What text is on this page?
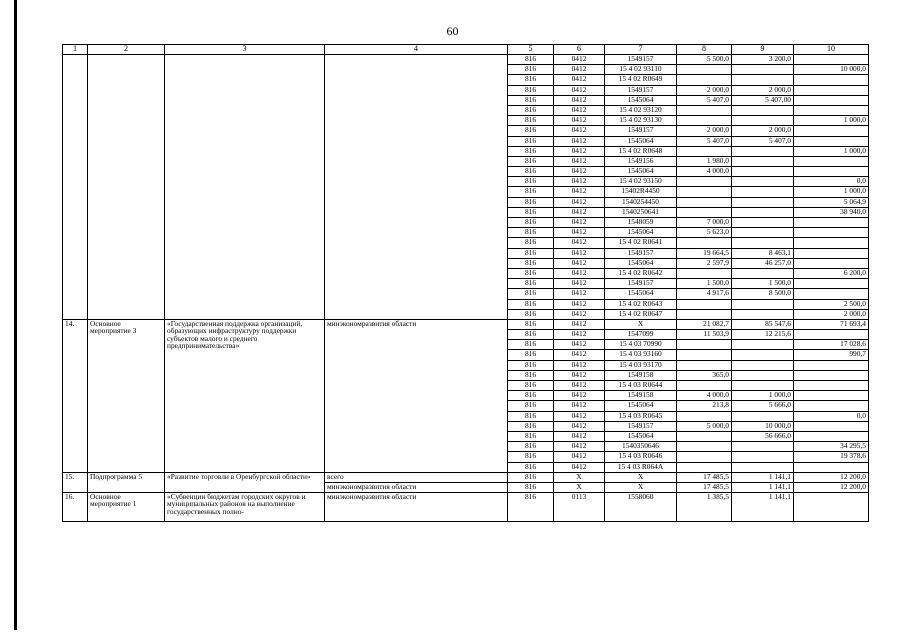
60
1	2	3	4	5	6	7	8	9	10
				816	0412	1549157	5 500,0	3 200,0	
				816	0412	15 4 02 93110			10 000,0
				816	0412	15 4 02 R0649			
				816	0412	1549157	2 000,0	2 000,0	
				816	0412	1545064	5 407,0	5 407,00	
				816	0412	15 4 02 93120			
				816	0412	15 4 02 93130			1 000,0
				816	0412	1549157	2 000,0	2 000,0	
				816	0412	1545064	5 407,0	5 407,0	
				816	0412	15 4 02 R0648			1 000,0
				816	0412	1549156	1 980,0		
				816	0412	1545064	4 000,0		
				816	0412	15 4 02 93150			0,0
				816	0412	15402R4450			1 000,0
				816	0412	1540254450			5 064,9
				816	0412	1540250641			38 940,0
				816	0412	1548059	7 000,0		
				816	0412	1545064	5 623,0		
				816	0412	15 4 02 R0641			
				816	0412	1549157	19 664,5	8 463,1	
				816	0412	1545064	2 597,9	46 257,0	
				816	0412	15 4 02 R0642			6 200,0
				816	0412	1549157	1 500,0	1 500,0	
				816	0412	1545064	4 917,6	8 500,0	
				816	0412	15 4 02 R0643			2 500,0
				816	0412	15 4 02 R0647			2 000,0
14.	Основное мероприятие 3	«Государственная поддержка организаций, образующих инфраструктуру поддержки субъектов малого и среднего предпринимательства»	минэкономразвития области	816	0412	X	21 082,7	85 547,6	71 693,4
				816	0412	1547099	11 503,9	12 215,6	
				816	0412	15 4 03 70990			17 028,6
				816	0412	15 4 03 93160			990,7
				816	0412	15 4 03 93170			
				816	0412	1549158	365,0		
				816	0412	15 4 03 R0644			
				816	0412	1549158	4 000,0	1 000,0	
				816	0412	1545064	213,8	5 666,0	
				816	0412	15 4 03 R0645			0,0
				816	0412	1549157	5 000,0	10 000,0	
				816	0412	1545064		56 666,0	
				816	0412	1540350646			34 295,5
				816	0412	15 4 03 R0646			19 378,6
				816	0412	15 4 03 R064A			
15.	Подпрограмма 5	«Развитие торговли в Оренбургской области»	всего	816	X	X	17 485,5	1 141,1	12 200,0
			минэкономразвития области	816	X	X	17 485,5	1 141,1	12 200,0
16.	Основное мероприятие 1	«Субвенции бюджетам городских округов и муниципальных районов на выполнение государственных полно-	минэкономразвития области	816	0113	1558060	1 385,5	1 141,1	
